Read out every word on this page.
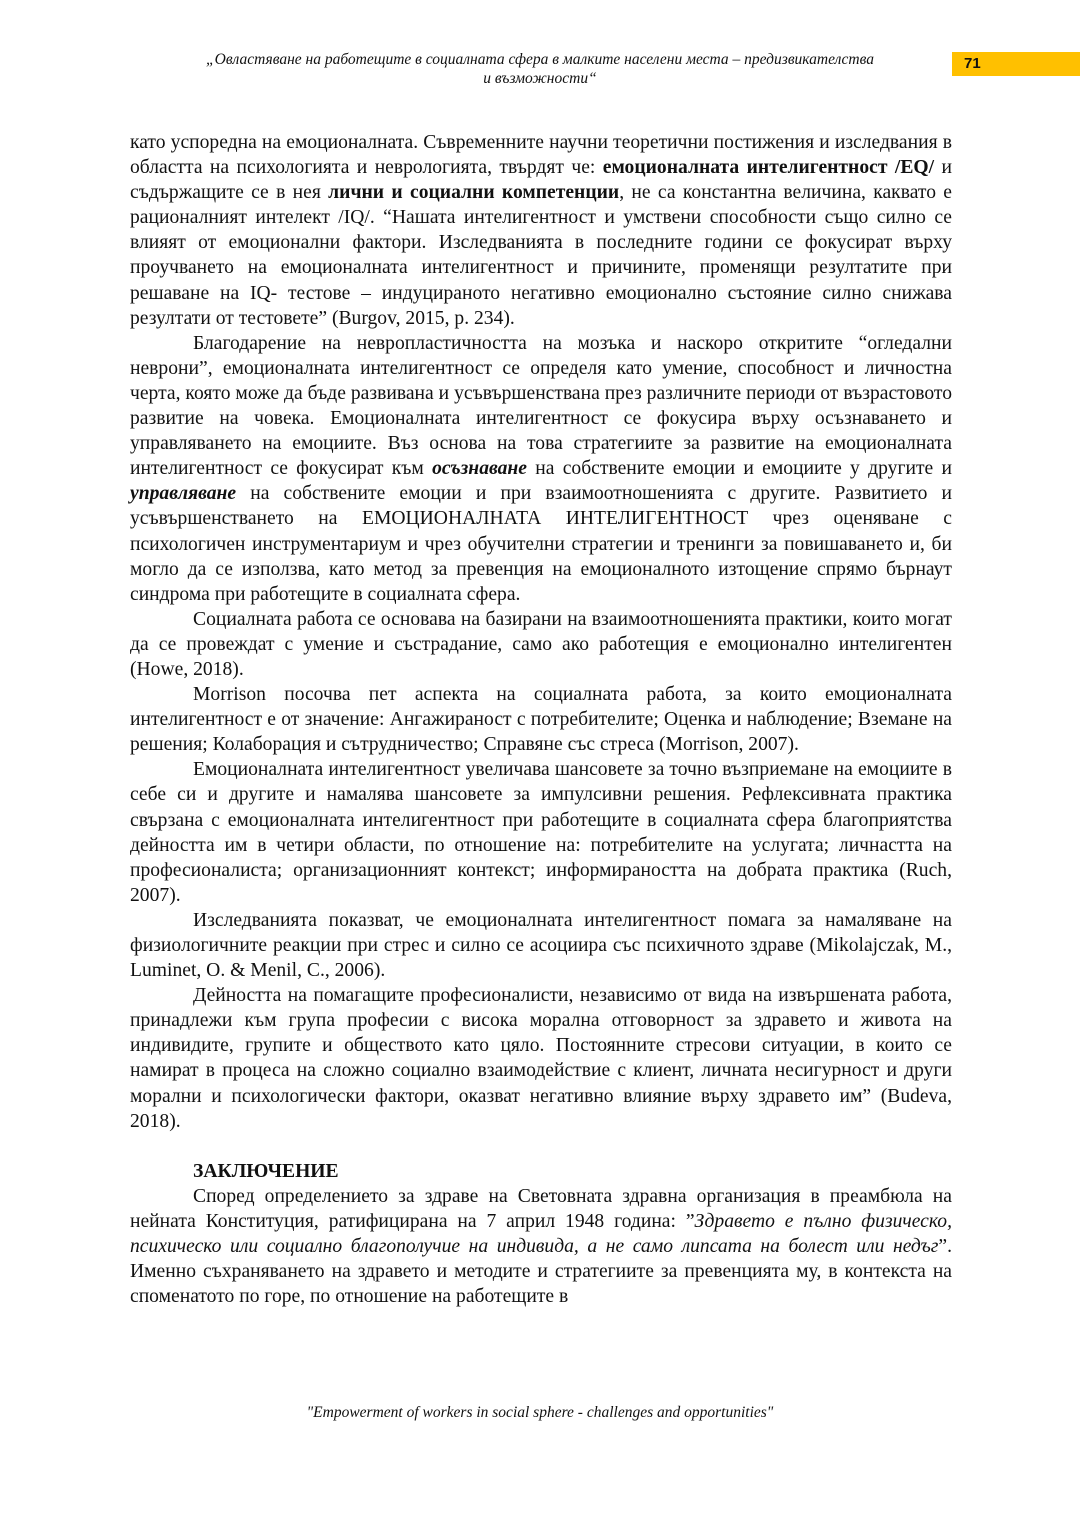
„Овластяване на работещите в социалната сфера в малките населени места – предизвикателства
и възможности“
71

като успоредна на емоционалната. Съвременните научни теоретични постижения и изследвания в областта на психологията и неврологията, твърдят че: емоционалната интелигентност /EQ/ и съдържащите се в нея лични и социални компетенции, не са константна величина, каквато е рационалният интелект /IQ/. “Нашата интелигентност и умствени способности също силно се влияят от емоционални фактори. Изследванията в последните години се фокусират върху проучването на емоционалната интелигентност и причините, променящи резултатите при решаване на IQ- тестове – индуцираното негативно емоционално състояние силно снижава резултати от тестовете” (Burgov, 2015, p. 234).

Благодарение на невропластичността на мозъка и наскоро откритите “огледални неврони”, емоционалната интелигентност се определя като умение, способност и личностна черта, която може да бъде развивана и усъвършенствана през различните периоди от възрастовото развитие на човека. Емоционалната интелигентност се фокусира върху осъзнаването и управляването на емоциите. Въз основа на това стратегиите за развитие на емоционалната интелигентност се фокусират към осъзнаване на собствените емоции и емоциите у другите и управляване на собствените емоции и при взаимоотношенията с другите. Развитието и усъвършенстването на ЕМОЦИОНАЛНАТА ИНТЕЛИГЕНТНОСТ чрез оценяване с психологичен инструментариум и чрез обучителни стратегии и тренинги за повишаването и, би могло да се използва, като метод за превенция на емоционалното изтощение спрямо бърнаут синдрома при работещите в социалната сфера.

Социалната работа се основава на базирани на взаимоотношенията практики, които могат да се провеждат с умение и състрадание, само ако работещия е емоционално интелигентен (Howe, 2018).

Morrison посочва пет аспекта на социалната работа, за които емоционалната интелигентност е от значение: Ангажираност с потребителите; Оценка и наблюдение; Вземане на решения; Колаборация и сътрудничество; Справяне със стреса (Morrison, 2007).

Емоционалната интелигентност увеличава шансовете за точно възприемане на емоциите в себе си и другите и намалява шансовете за импулсивни решения. Рефлексивната практика свързана с емоционалната интелигентност при работещите в социалната сфера благоприятства дейността им в четири области, по отношение на: потребителите на услугата; личнастта на професионалиста; организационният контекст; информираността на добрата практика (Ruch, 2007).

Изследванията показват, че емоционалната интелигентност помага за намаляване на физиологичните реакции при стрес и силно се асоциира със психичното здраве (Mikolajczak, M., Luminet, O. & Menil, C., 2006).

Дейността на помагащите професионалисти, независимо от вида на извършената работа, принадлежи към група професии с висока морална отговорност за здравето и живота на индивидите, групите и обществото като цяло. Постоянните стресови ситуации, в които се намират в процеса на сложно социално взаимодействие с клиент, личната несигурност и други морални и психологически фактори, оказват негативно влияние върху здравето им” (Budeva, 2018).

ЗАКЛЮЧЕНИЕ

Според определението за здраве на Световната здравна организация в преамбюла на нейната Конституция, ратифицирана на 7 април 1948 година: ”Здравето е пълно физическо, психическо или социално благополучие на индивида, а не само липсата на болест или недъг”. Именно съхраняването на здравето и методите и стратегиите за превенцията му, в контекста на споменатото по горе, по отношение на работещите в

"Empowerment of workers in social sphere - challenges and opportunities"
